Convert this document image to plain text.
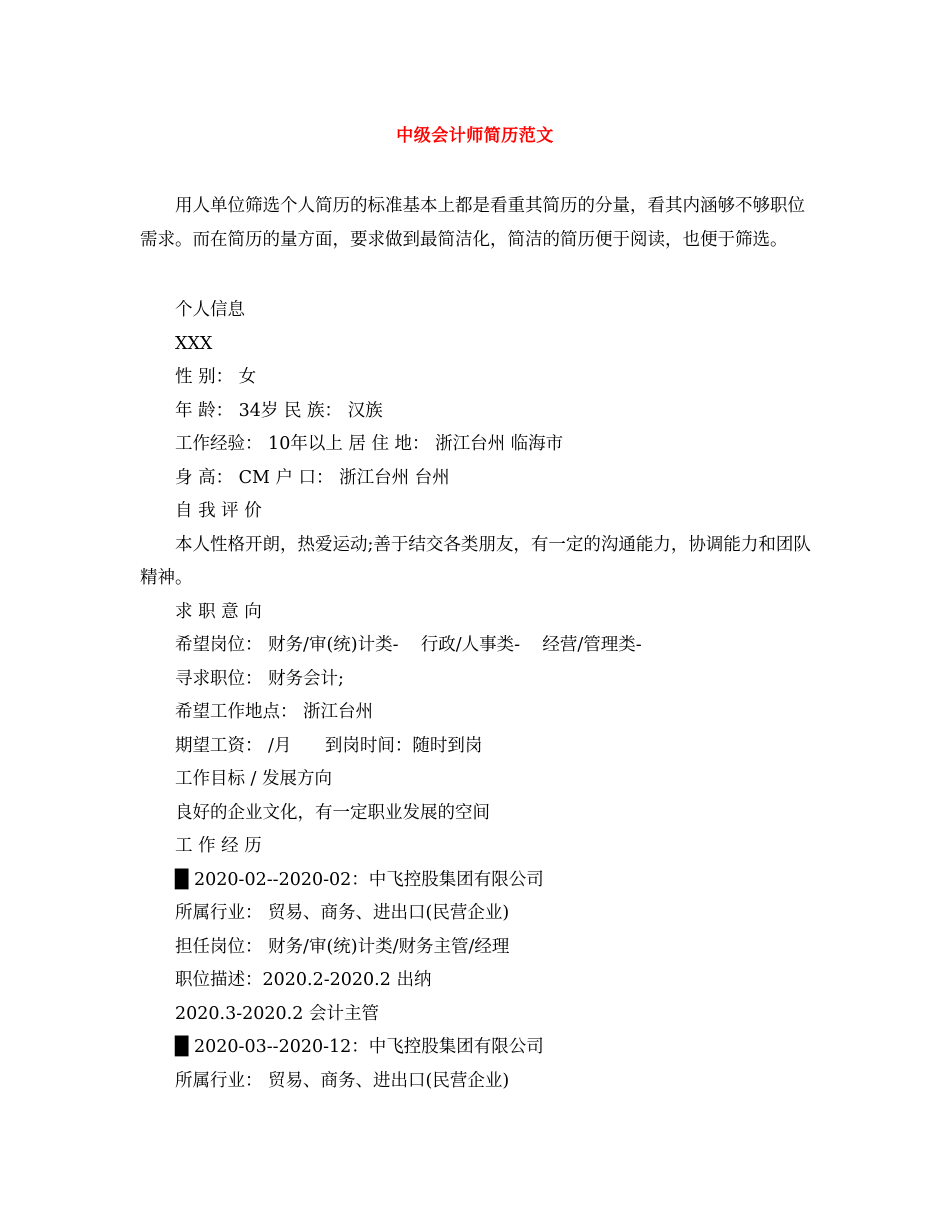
中级会计师简历范文

用人单位筛选个人简历的标准基本上都是看重其简历的分量，看其内涵够不够职位需求。而在简历的量方面，要求做到最简洁化，简洁的简历便于阅读，也便于筛选。

个人信息
XXX
性 别： 女
年 龄： 34岁 民 族： 汉族
工作经验： 10年以上 居 住 地： 浙江台州 临海市
身 高： CM 户 口： 浙江台州 台州
自 我 评 价
本人性格开朗，热爱运动;善于结交各类朋友，有一定的沟通能力，协调能力和团队精神。
求 职 意 向
希望岗位： 财务/审(统)计类-    行政/人事类-    经营/管理类-
寻求职位： 财务会计;
希望工作地点： 浙江台州
期望工资： /月      到岗时间：随时到岗
工作目标 / 发展方向
良好的企业文化，有一定职业发展的空间
工 作 经 历
█ 2020-02--2020-02：中飞控股集团有限公司
所属行业： 贸易、商务、进出口(民营企业)
担任岗位： 财务/审(统)计类/财务主管/经理
职位描述：2020.2-2020.2 出纳
2020.3-2020.2 会计主管
█ 2020-03--2020-12：中飞控股集团有限公司
所属行业： 贸易、商务、进出口(民营企业)
